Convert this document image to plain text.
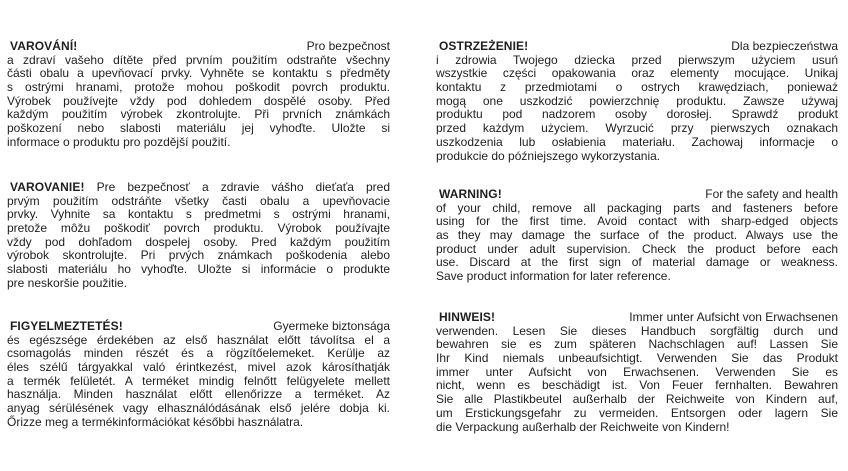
VAROVÁNÍ!	Pro bezpečnost
a zdraví vašeho dítěte před prvním použitím odstraňte všechny
části obalu a upevňovací prvky. Vyhněte se kontaktu s předměty
s ostrými hranami, protože mohou poškodit povrch produktu.
Výrobek používejte vždy pod dohledem dospělé osoby. Před
každým použitím výrobek zkontrolujte. Při prvních známkách
poškození nebo slabosti materiálu jej vyhoďte. Uložte si
informace o produktu pro pozdější použití.
VAROVANIE! Pre bezpečnosť a zdravie vášho dieťaťa pred
prvým použitím odstráňte všetky časti obalu a upevňovacie
prvky. Vyhnite sa kontaktu s predmetmi s ostrými hranami,
pretože môžu poškodiť povrch produktu. Výrobok používajte
vždy pod dohľadom dospelej osoby. Pred každým použitím
výrobok skontrolujte. Pri prvých známkach poškodenia alebo
slabosti materiálu ho vyhoďte. Uložte si informácie o produkte
pre neskoršie použitie.
FIGYELMEZTETÉS!	Gyermeke biztonsága
és egészsége érdekében az első használat előtt távolítsa el a
csomagolás minden részét és a rögzítőelemeket. Kerülje az
éles szélű tárgyakkal való érintkezést, mivel azok károsíthatják
a termék felületét. A terméket mindig felnőtt felügyelete mellett
használja. Minden használat előtt ellenőrizze a terméket. Az
anyag sérülésének vagy elhasználódásának első jelére dobja ki.
Őrizze meg a termékinformációkat későbbi használatra.
OSTRZEŻENIE!	Dla bezpieczeństwa
i zdrowia Twojego dziecka przed pierwszym użyciem usuń
wszystkie części opakowania oraz elementy mocujące. Unikaj
kontaktu z przedmiotami o ostrych krawędziach, ponieważ
mogą one uszkodzić powierzchnię produktu. Zawsze używaj
produktu pod nadzorem osoby dorosłej. Sprawdź produkt
przed każdym użyciem. Wyrzucić przy pierwszych oznakach
uszkodzenia lub osłabienia materiału. Zachowaj informacje o
produkcie do późniejszego wykorzystania.
WARNING!	For the safety and health
of your child, remove all packaging parts and fasteners before
using for the first time. Avoid contact with sharp-edged objects
as they may damage the surface of the product. Always use the
product under adult supervision. Check the product before each
use. Discard at the first sign of material damage or weakness.
Save product information for later reference.
HINWEIS!	Immer unter Aufsicht von Erwachsenen
verwenden. Lesen Sie dieses Handbuch sorgfältig durch und
bewahren sie es zum späteren Nachschlagen auf! Lassen Sie
Ihr Kind niemals unbeaufsichtigt. Verwenden Sie das Produkt
immer unter Aufsicht von Erwachsenen. Verwenden Sie es
nicht, wenn es beschädigt ist. Von Feuer fernhalten. Bewahren
Sie alle Plastikbeutel außerhalb der Reichweite von Kindern auf,
um Erstickungsgefahr zu vermeiden. Entsorgen oder lagern Sie
die Verpackung außerhalb der Reichweite von Kindern!
